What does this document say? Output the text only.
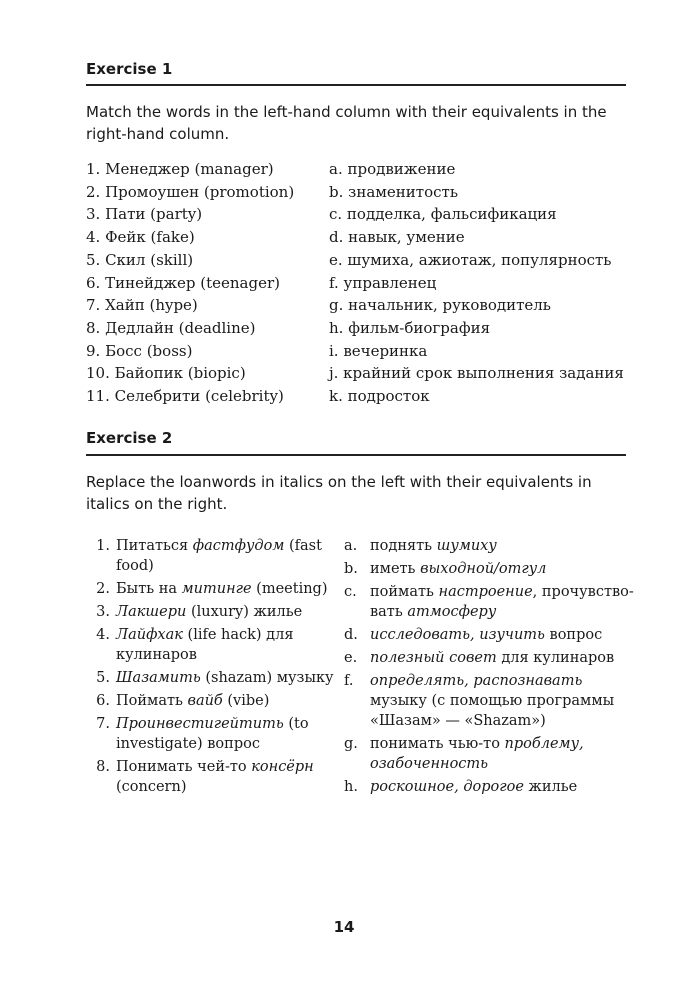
Exercise 1
Match the words in the left-hand column with their equivalents in the right-hand column.
1. Менеджер (manager)
2. Промоушен (promotion)
3. Пати (party)
4. Фейк (fake)
5. Скил (skill)
6. Тинейджер (teenager)
7. Хайп (hype)
8. Дедлайн (deadline)
9. Босс (boss)
10. Байопик (biopic)
11. Селебрити (celebrity)
a. продвижение
b. знаменитость
c. подделка, фальсификация
d. навык, умение
e. шумиха, ажиотаж, популярность
f. управленец
g. начальник, руководитель
h. фильм-биография
i. вечеринка
j. крайний срок выполнения задания
k. подросток
Exercise 2
Replace the loanwords in italics on the left with their equivalents in italics on the right.
1. Питаться фастфудом (fast food)
2. Быть на митинге (meeting)
3. Лакшери (luxury) жилье
4. Лайфхак (life hack) для кулинаров
5. Шазамить (shazam) музыку
6. Поймать вайб (vibe)
7. Проинвестигейтить (to investigate) вопрос
8. Понимать чей-то консёрн (concern)
a. поднять шумиху
b. иметь выходной/отгул
c. поймать настроение, прочувство-вать атмосферу
d. исследовать, изучить вопрос
e. полезный совет для кулинаров
f.	определять, распознавать музыку (с помощью программы «Шазам» — «Shazam»)
g. понимать чью-то проблему, озабоченность
h. роскошное, дорогое жилье
14
